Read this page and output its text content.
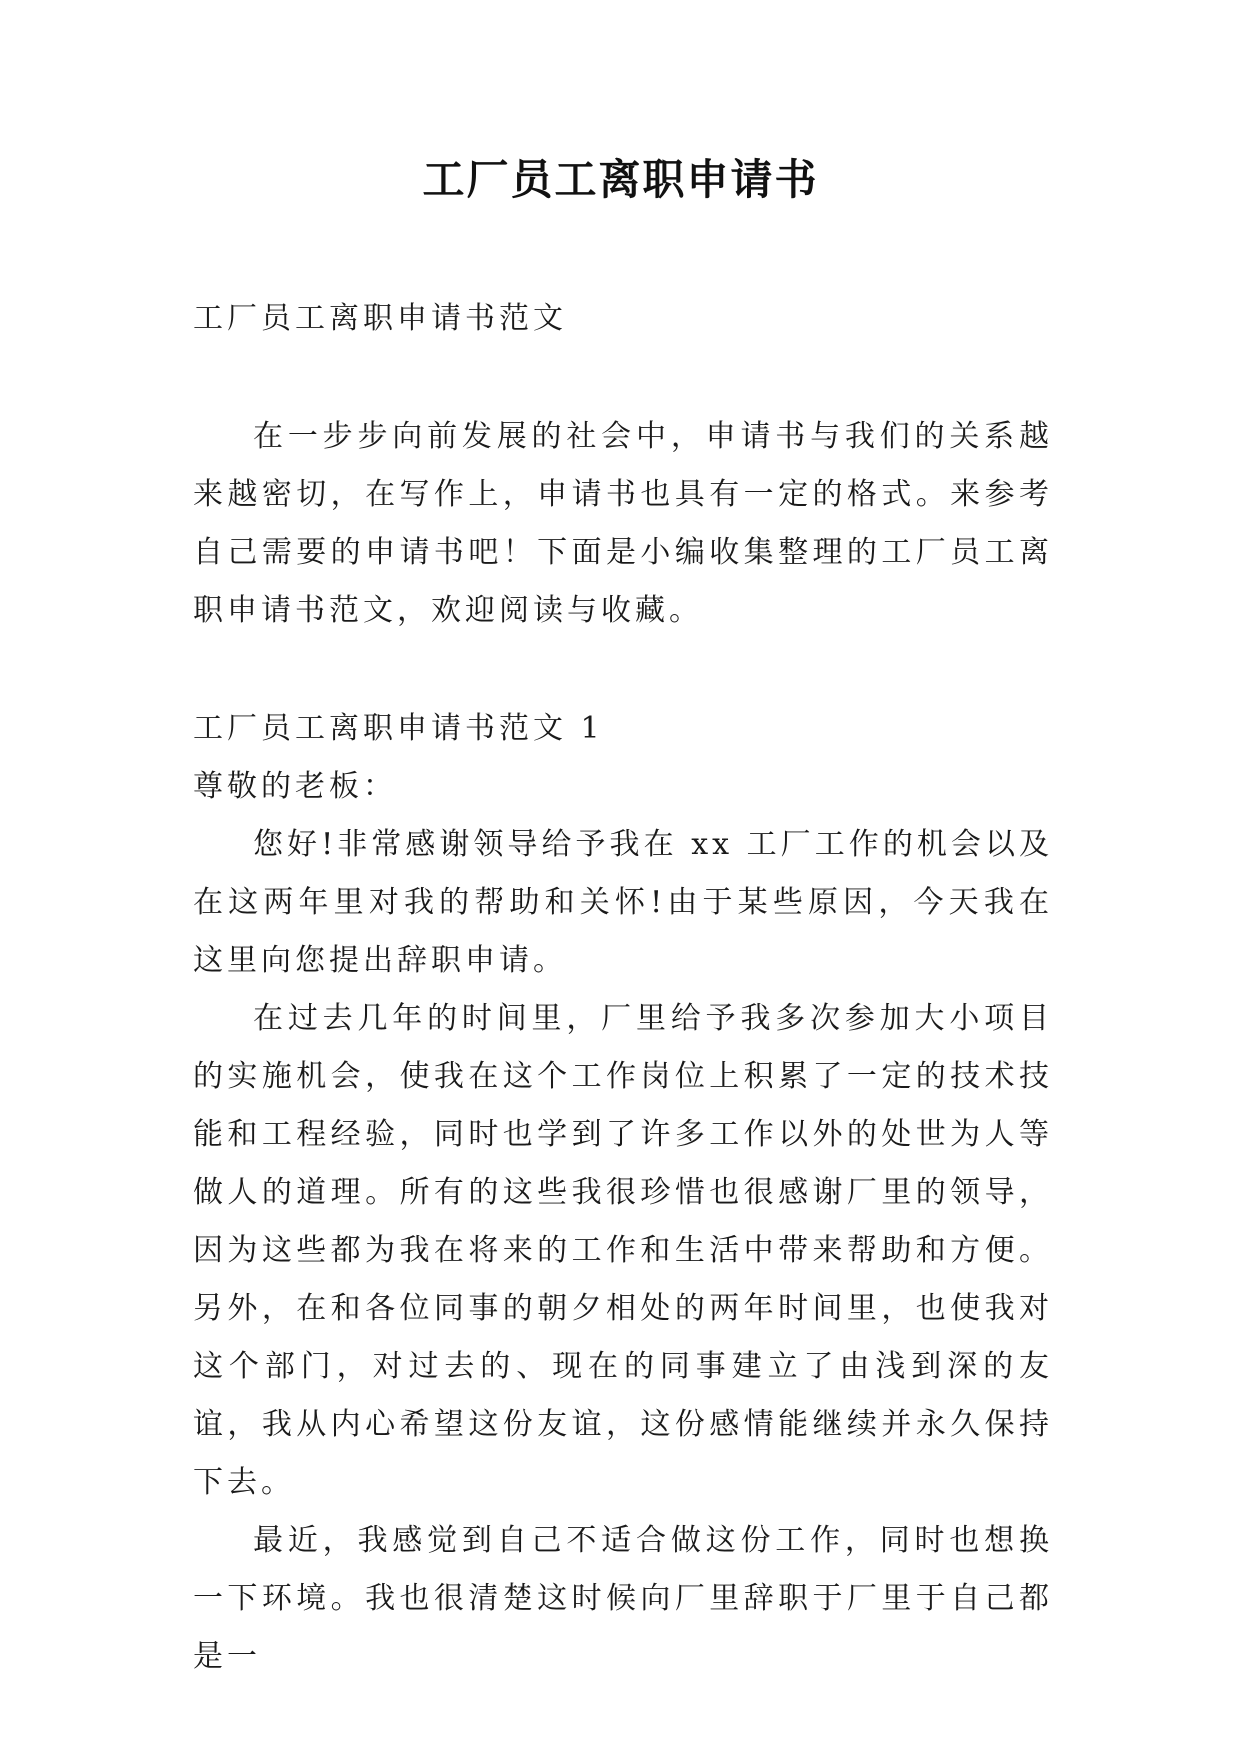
工厂员工离职申请书

工厂员工离职申请书范文

在一步步向前发展的社会中，申请书与我们的关系越来越密切，在写作上，申请书也具有一定的格式。来参考自己需要的申请书吧！下面是小编收集整理的工厂员工离职申请书范文，欢迎阅读与收藏。

工厂员工离职申请书范文 1

尊敬的老板：

您好!非常感谢领导给予我在 xx 工厂工作的机会以及在这两年里对我的帮助和关怀!由于某些原因，今天我在这里向您提出辞职申请。

在过去几年的时间里，厂里给予我多次参加大小项目的实施机会，使我在这个工作岗位上积累了一定的技术技能和工程经验，同时也学到了许多工作以外的处世为人等做人的道理。所有的这些我很珍惜也很感谢厂里的领导，因为这些都为我在将来的工作和生活中带来帮助和方便。另外，在和各位同事的朝夕相处的两年时间里，也使我对这个部门，对过去的、现在的同事建立了由浅到深的友谊，我从内心希望这份友谊，这份感情能继续并永久保持下去。

最近，我感觉到自己不适合做这份工作，同时也想换一下环境。我也很清楚这时候向厂里辞职于厂里于自己都是一
